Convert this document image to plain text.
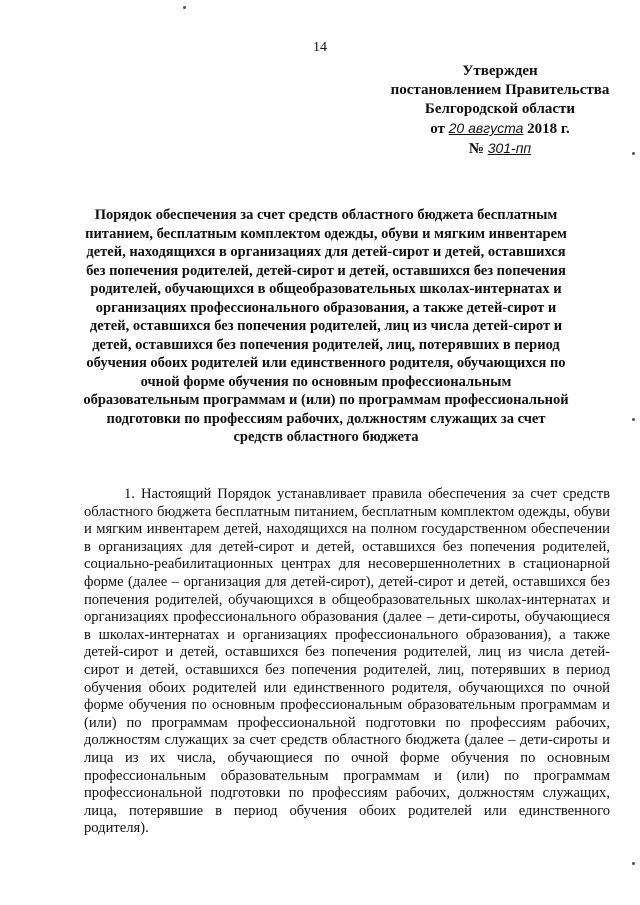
14
Утвержден
постановлением Правительства
Белгородской области
от 20 августа 2018 г.
№ 301-пп
Порядок обеспечения за счет средств областного бюджета бесплатным питанием, бесплатным комплектом одежды, обуви и мягким инвентарем детей, находящихся в организациях для детей-сирот и детей, оставшихся без попечения родителей, детей-сирот и детей, оставшихся без попечения родителей, обучающихся в общеобразовательных школах-интернатах и организациях профессионального образования, а также детей-сирот и детей, оставшихся без попечения родителей, лиц из числа детей-сирот и детей, оставшихся без попечения родителей, лиц, потерявших в период обучения обоих родителей или единственного родителя, обучающихся по очной форме обучения по основным профессиональным образовательным программам и (или) по программам профессиональной подготовки по профессиям рабочих, должностям служащих за счет средств областного бюджета
1. Настоящий Порядок устанавливает правила обеспечения за счет средств областного бюджета бесплатным питанием, бесплатным комплектом одежды, обуви и мягким инвентарем детей, находящихся на полном государственном обеспечении в организациях для детей-сирот и детей, оставшихся без попечения родителей, социально-реабилитационных центрах для несовершеннолетних в стационарной форме (далее – организация для детей-сирот), детей-сирот и детей, оставшихся без попечения родителей, обучающихся в общеобразовательных школах-интернатах и организациях профессионального образования (далее – дети-сироты, обучающиеся в школах-интернатах и организациях профессионального образования), а также детей-сирот и детей, оставшихся без попечения родителей, лиц из числа детей-сирот и детей, оставшихся без попечения родителей, лиц, потерявших в период обучения обоих родителей или единственного родителя, обучающихся по очной форме обучения по основным профессиональным образовательным программам и (или) по программам профессиональной подготовки по профессиям рабочих, должностям служащих за счет средств областного бюджета (далее – дети-сироты и лица из их числа, обучающиеся по очной форме обучения по основным профессиональным образовательным программам и (или) по программам профессиональной подготовки по профессиям рабочих, должностям служащих, лица, потерявшие в период обучения обоих родителей или единственного родителя).
